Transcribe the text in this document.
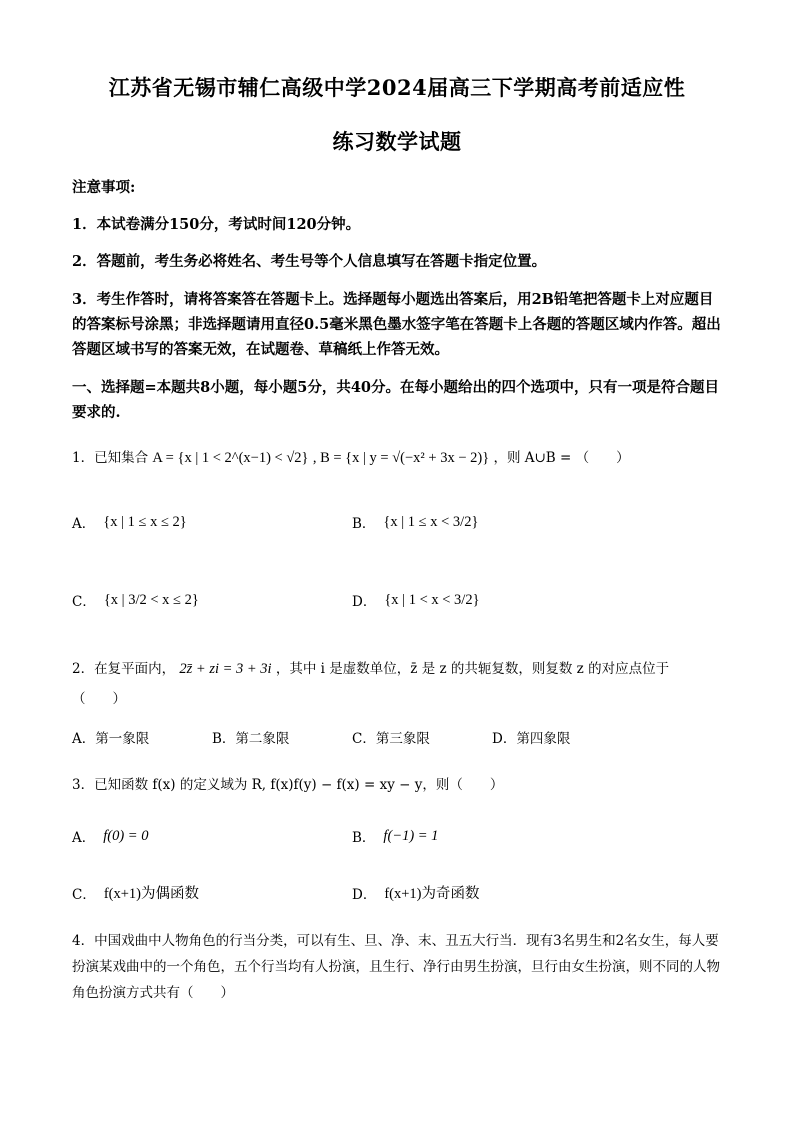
江苏省无锡市辅仁高级中学2024届高三下学期高考前适应性
练习数学试题
注意事项:
1．本试卷满分150分，考试时间120分钟。
2．答题前，考生务必将姓名、考生号等个人信息填写在答题卡指定位置。
3．考生作答时，请将答案答在答题卡上。选择题每小题选出答案后，用2B铅笔把答题卡上对应题目的答案标号涂黑；非选择题请用直径0.5毫米黑色墨水签字笔在答题卡上各题的答题区域内作答。超出答题区域书写的答案无效，在试题卷、草稿纸上作答无效。
一、选择题=本题共8小题，每小题5分，共40分。在每小题给出的四个选项中，只有一项是符合题目要求的.
1．已知集合 A = {x | 1 < 2^(x−1) < √2} , B = {x | y = √(−x² + 3x − 2)} ，则 A∪B = （　　）
A． {x | 1 ≤ x ≤ 2}	B． {x | 1 ≤ x < 3/2}
C． {x | 3/2 < x ≤ 2}	D． {x | 1 < x < 3/2}
2．在复平面内， 2z̄ + zi = 3 + 3i ，其中 i 是虚数单位，z̄ 是 z 的共轭复数，则复数 z 的对应点位于
（　　）
A．第一象限	B．第二象限	C．第三象限	D．第四象限
3．已知函数 f(x) 的定义域为 R, f(x)f(y) − f(x) = xy − y，则（　　）
A． f(0) = 0	B． f(−1) = 1
C． f(x+1)为偶函数	D． f(x+1)为奇函数
4．中国戏曲中人物角色的行当分类，可以有生、旦、净、末、丑五大行当．现有3名男生和2名女生，每人要扮演某戏曲中的一个角色，五个行当均有人扮演，且生行、净行由男生扮演，旦行由女生扮演，则不同的人物角色扮演方式共有（　　）
